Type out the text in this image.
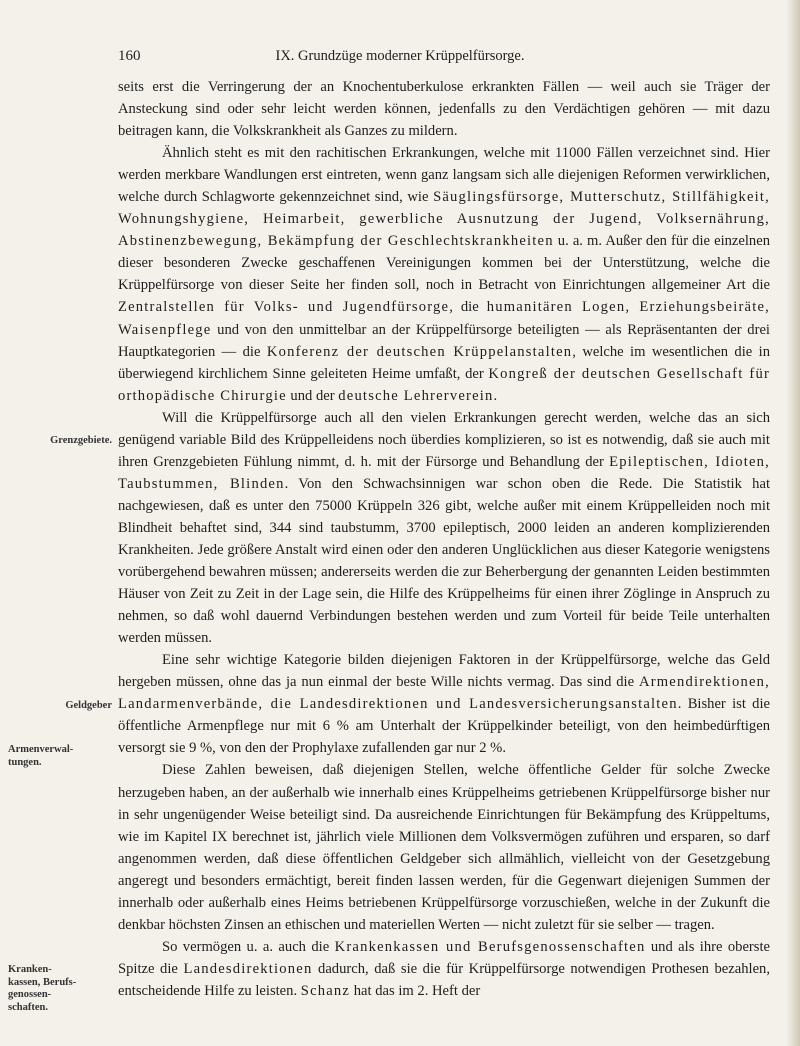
160	IX. Grundzüge moderner Krüppelfürsorge.

seits erst die Verringerung der an Knochentuberkulose erkrankten Fällen — weil auch sie Träger der Ansteckung sind oder sehr leicht werden können, jedenfalls zu den Verdächtigen gehören — mit dazu beitragen kann, die Volkskrankheit als Ganzes zu mildern.

Ähnlich steht es mit den rachitischen Erkrankungen, welche mit 11000 Fällen verzeichnet sind. Hier werden merkbare Wandlungen erst eintreten, wenn ganz langsam sich alle diejenigen Reformen verwirklichen, welche durch Schlagworte gekennzeichnet sind, wie Säuglingsfürsorge, Mutterschutz, Stillfähigkeit, Wohnungshygiene, Heimarbeit, gewerbliche Ausnutzung der Jugend, Volksernährung, Abstinenzbewegung, Bekämpfung der Geschlechtskrankheiten u. a. m. Außer den für die einzelnen dieser besonderen Zwecke geschaffenen Vereinigungen kommen bei der Unterstützung, welche die Krüppelfürsorge von dieser Seite her finden soll, noch in Betracht von Einrichtungen allgemeiner Art die Zentralstellen für Volks- und Jugendfürsorge, die humanitären Logen, Erziehungsbeiräte, Waisenpflege und von den unmittelbar an der Krüppelfürsorge beteiligten — als Repräsentanten der drei Hauptkategorien — die Konferenz der deutschen Krüppelanstalten, welche im wesentlichen die in überwiegend kirchlichem Sinne geleiteten Heime umfaßt, der Kongreß der deutschen Gesellschaft für orthopädische Chirurgie und der deutsche Lehrerverein.

Will die Krüppelfürsorge auch all den vielen Erkrankungen gerecht werden, welche das an sich genügend variable Bild des Krüppelleidens noch überdies komplizieren, so ist es notwendig, daß sie auch mit ihren Grenzgebieten Fühlung nimmt, d. h. mit der Fürsorge und Behandlung der Epileptischen, Idioten, Taubstummen, Blinden. Von den Schwachsinnigen war schon oben die Rede. Die Statistik hat nachgewiesen, daß es unter den 75000 Krüppeln 326 gibt, welche außer mit einem Krüppelleiden noch mit Blindheit behaftet sind, 344 sind taubstumm, 3700 epileptisch, 2000 leiden an anderen komplizierenden Krankheiten. Jede größere Anstalt wird einen oder den anderen Unglücklichen aus dieser Kategorie wenigstens vorübergehend bewahren müssen; andererseits werden die zur Beherbergung der genannten Leiden bestimmten Häuser von Zeit zu Zeit in der Lage sein, die Hilfe des Krüppelheims für einen ihrer Zöglinge in Anspruch zu nehmen, so daß wohl dauernd Verbindungen bestehen werden und zum Vorteil für beide Teile unterhalten werden müssen.

Eine sehr wichtige Kategorie bilden diejenigen Faktoren in der Krüppelfürsorge, welche das Geld hergeben müssen, ohne das ja nun einmal der beste Wille nichts vermag. Das sind die Armendirektionen, Landarmenverbände, die Landesdirektionen und Landesversicherungsanstalten. Bisher ist die öffentliche Armenpflege nur mit 6 % am Unterhalt der Krüppelkinder beteiligt, von den heimbedürftigen versorgt sie 9 %, von den der Prophylaxe zufallenden gar nur 2 %.

Diese Zahlen beweisen, daß diejenigen Stellen, welche öffentliche Gelder für solche Zwecke herzugeben haben, an der außerhalb wie innerhalb eines Krüppelheims getriebenen Krüppelfürsorge bisher nur in sehr ungenügender Weise beteiligt sind. Da ausreichende Einrichtungen für Bekämpfung des Krüppeltums, wie im Kapitel IX berechnet ist, jährlich viele Millionen dem Volksvermögen zuführen und ersparen, so darf angenommen werden, daß diese öffentlichen Geldgeber sich allmählich, vielleicht von der Gesetzgebung angeregt und besonders ermächtigt, bereit finden lassen werden, für die Gegenwart diejenigen Summen der innerhalb oder außerhalb eines Heims betriebenen Krüppelfürsorge vorzuschießen, welche in der Zukunft die denkbar höchsten Zinsen an ethischen und materiellen Werten — nicht zuletzt für sie selber — tragen.

So vermögen u. a. auch die Krankenkassen und Berufsgenossenschaften und als ihre oberste Spitze die Landesdirektionen dadurch, daß sie die für Krüppelfürsorge notwendigen Prothesen bezahlen, entscheidende Hilfe zu leisten. Schanz hat das im 2. Heft der

Grenzgebiete.
Geldgeber
Armenverwal-tungen.
Kranken-kassen, Berufs-genossen-schaften.
